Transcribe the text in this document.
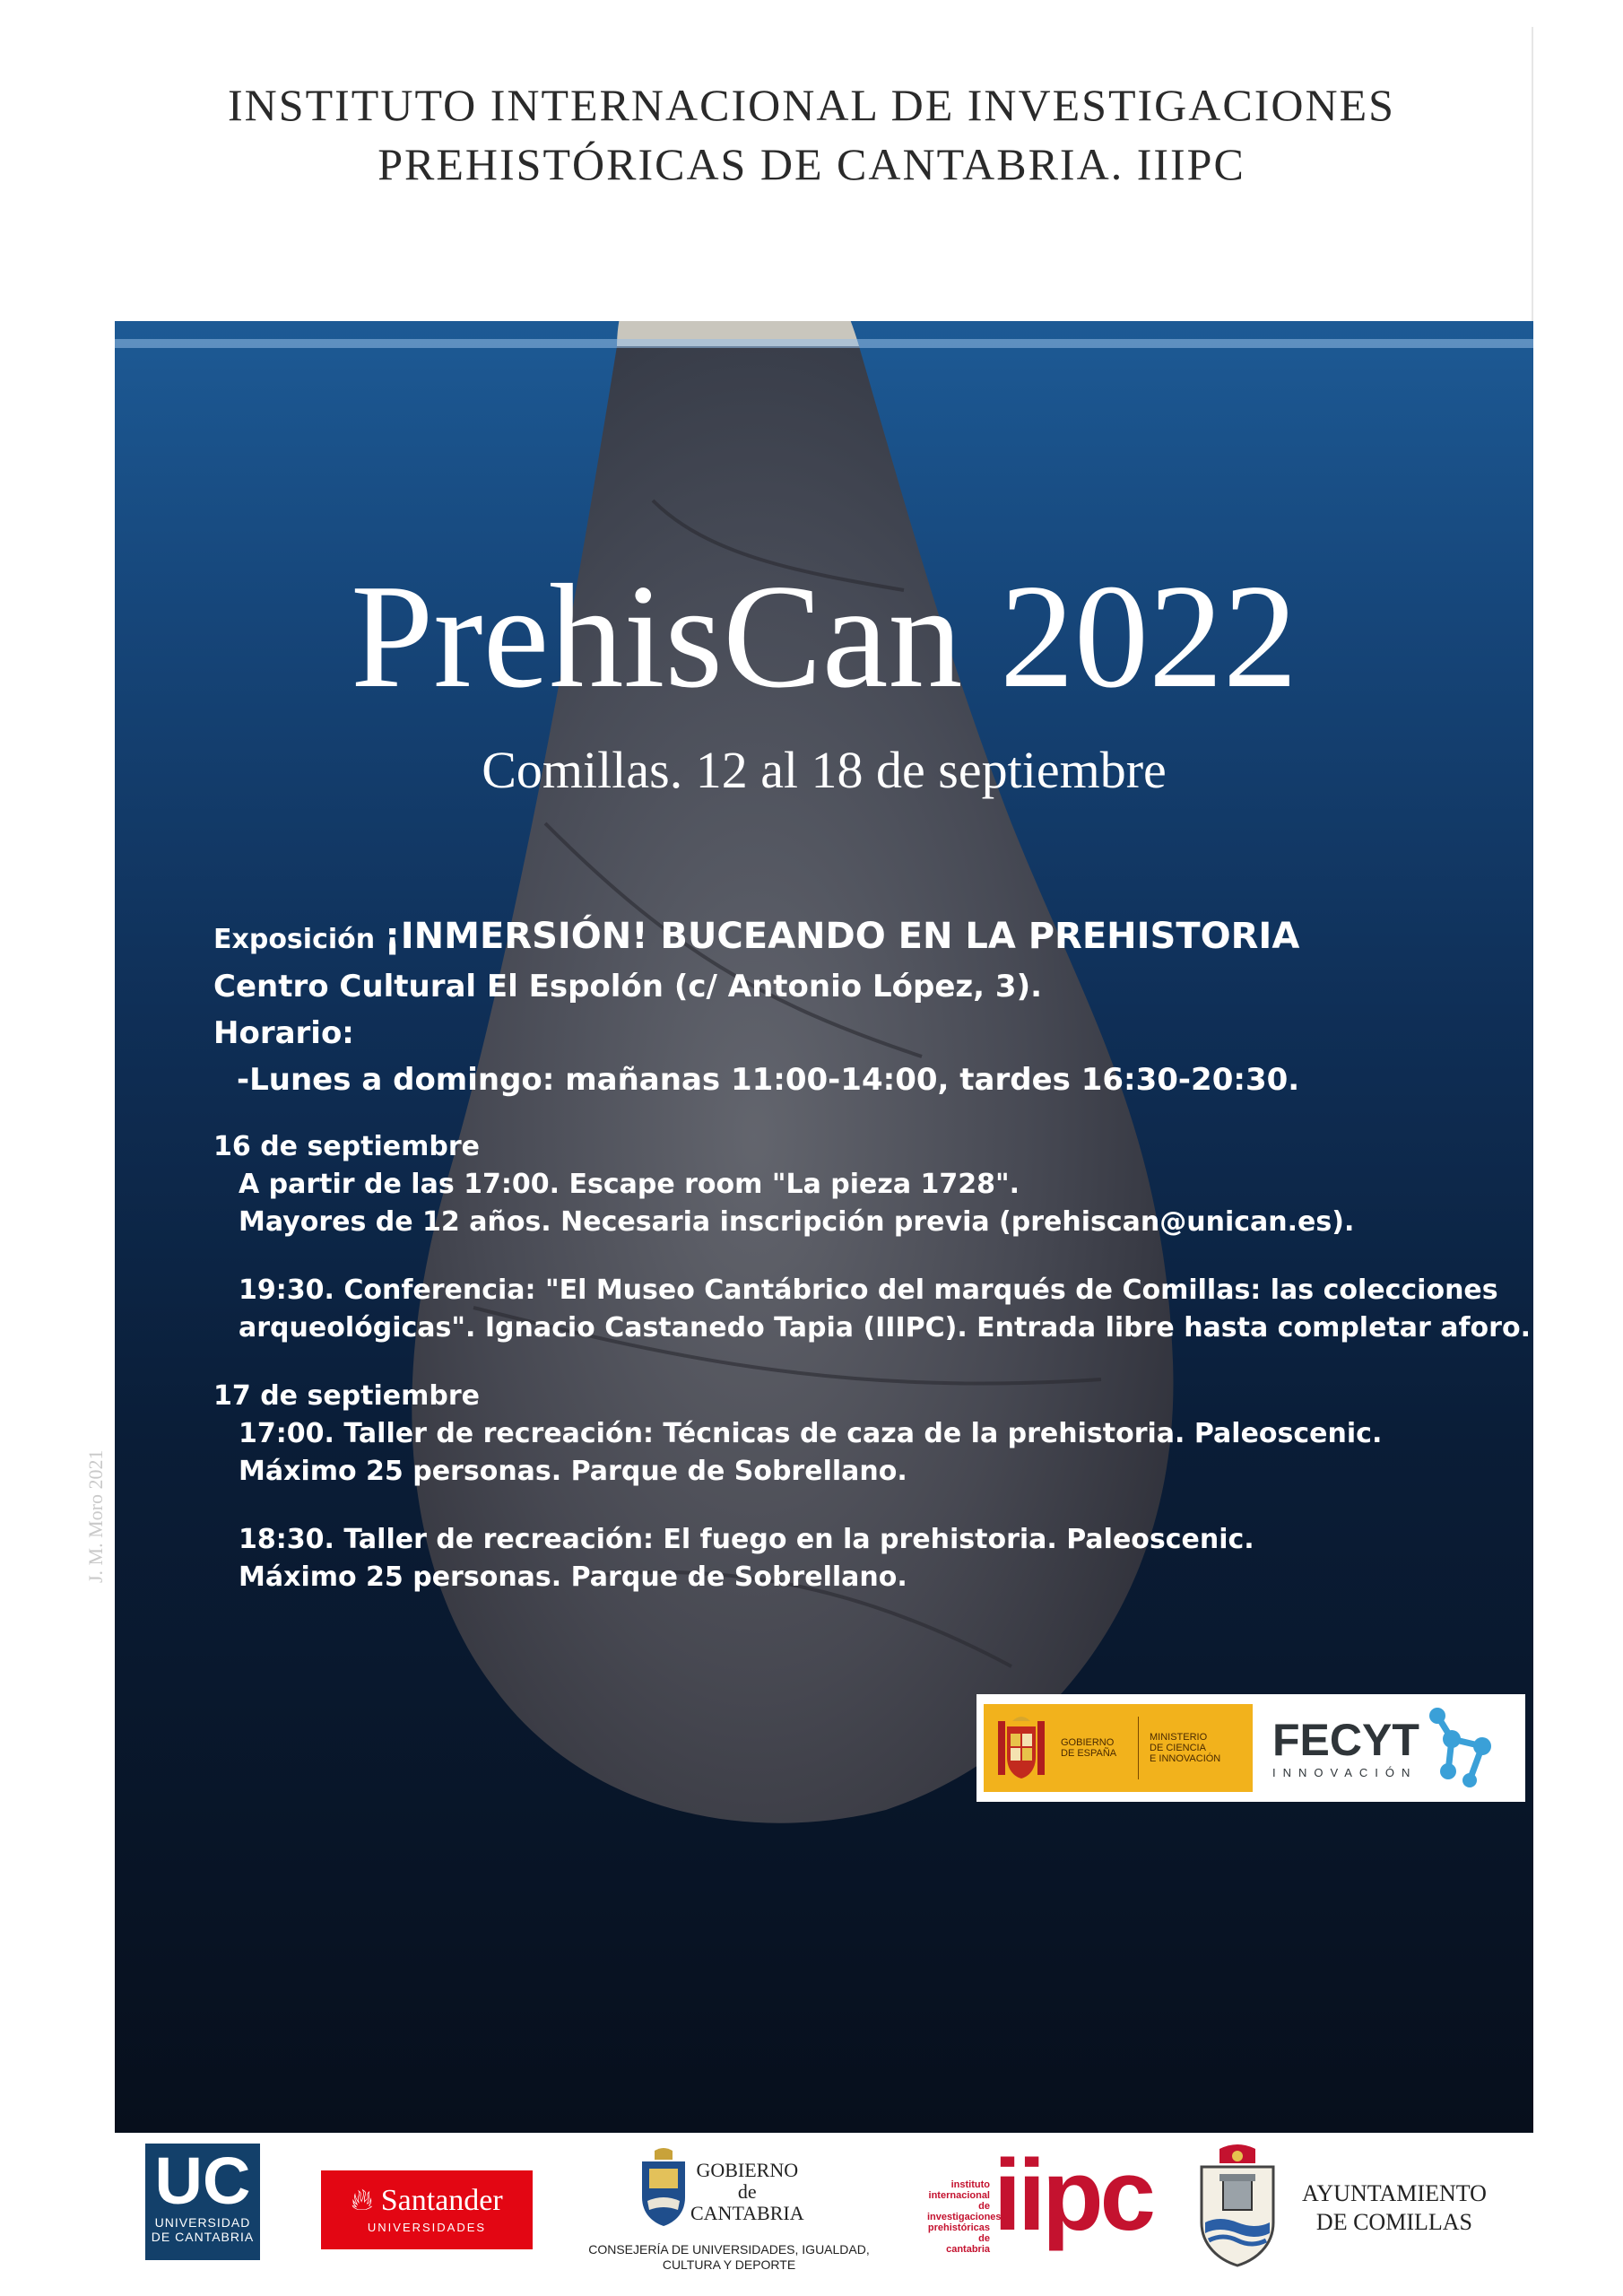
INSTITUTO INTERNACIONAL DE INVESTIGACIONES
PREHISTÓRICAS DE CANTABRIA. IIIPC
PrehisCan 2022
Comillas. 12 al 18 de septiembre

Exposición ¡INMERSIÓN! BUCEANDO EN LA PREHISTORIA

Centro Cultural El Espolón (c/ Antonio López, 3).

Horario:

-Lunes a domingo: mañanas 11:00-14:00, tardes 16:30-20:30.

16 de septiembre

A partir de las 17:00. Escape room "La pieza 1728".

Mayores de 12 años. Necesaria inscripción previa (prehiscan@unican.es).

19:30. Conferencia: "El Museo Cantábrico del marqués de Comillas: las colecciones

arqueológicas". Ignacio Castanedo Tapia (IIIPC). Entrada libre hasta completar aforo.

17 de septiembre

17:00. Taller de recreación: Técnicas de caza de la prehistoria. Paleoscenic.

Máximo 25 personas. Parque de Sobrellano.

18:30. Taller de recreación: El fuego en la prehistoria. Paleoscenic.

Máximo 25 personas. Parque de Sobrellano.

J. M. Moro 2021
GOBIERNO
DE ESPAÑA
MINISTERIO
DE CIENCIA
E INNOVACIÓN FECYT
INNOVACIÓN
UC
UNIVERSIDAD
DE CANTABRIA
🔥︎ Santander
UNIVERSIDADES
GOBIERNO
de
CANTABRIA
CONSEJERÍA DE UNIVERSIDADES, IGUALDAD,
CULTURA Y DEPORTE
instituto
internacional de
investigaciones
prehistóricas de
cantabria iipc	AYUNTAMIENTO
DE COMILLAS
